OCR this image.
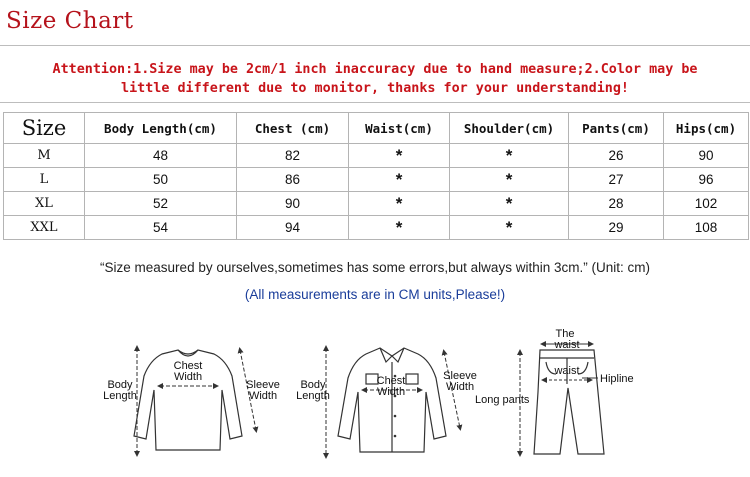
Size Chart
Attention:1.Size may be 2cm/1 inch inaccuracy due to hand measure;2.Color may be
little different due to monitor, thanks for your understanding!
Size	Body Length(cm)	Chest (cm)	Waist(cm)	Shoulder(cm)	Pants(cm)	Hips(cm)
M	48	82	*	*	26	90
L	50	86	*	*	27	96
XL	52	90	*	*	28	102
XXL	54	94	*	*	29	108
“Size measured by ourselves,sometimes has some errors,but always within 3cm.” (Unit: cm)
(All measurements are in CM units,Please!)
Chest
Width
Body
Length
Sleeve
Width
Body
Length
Chest
Width
Sleeve
Width
The
waist
waist
Hipline
Long pants
